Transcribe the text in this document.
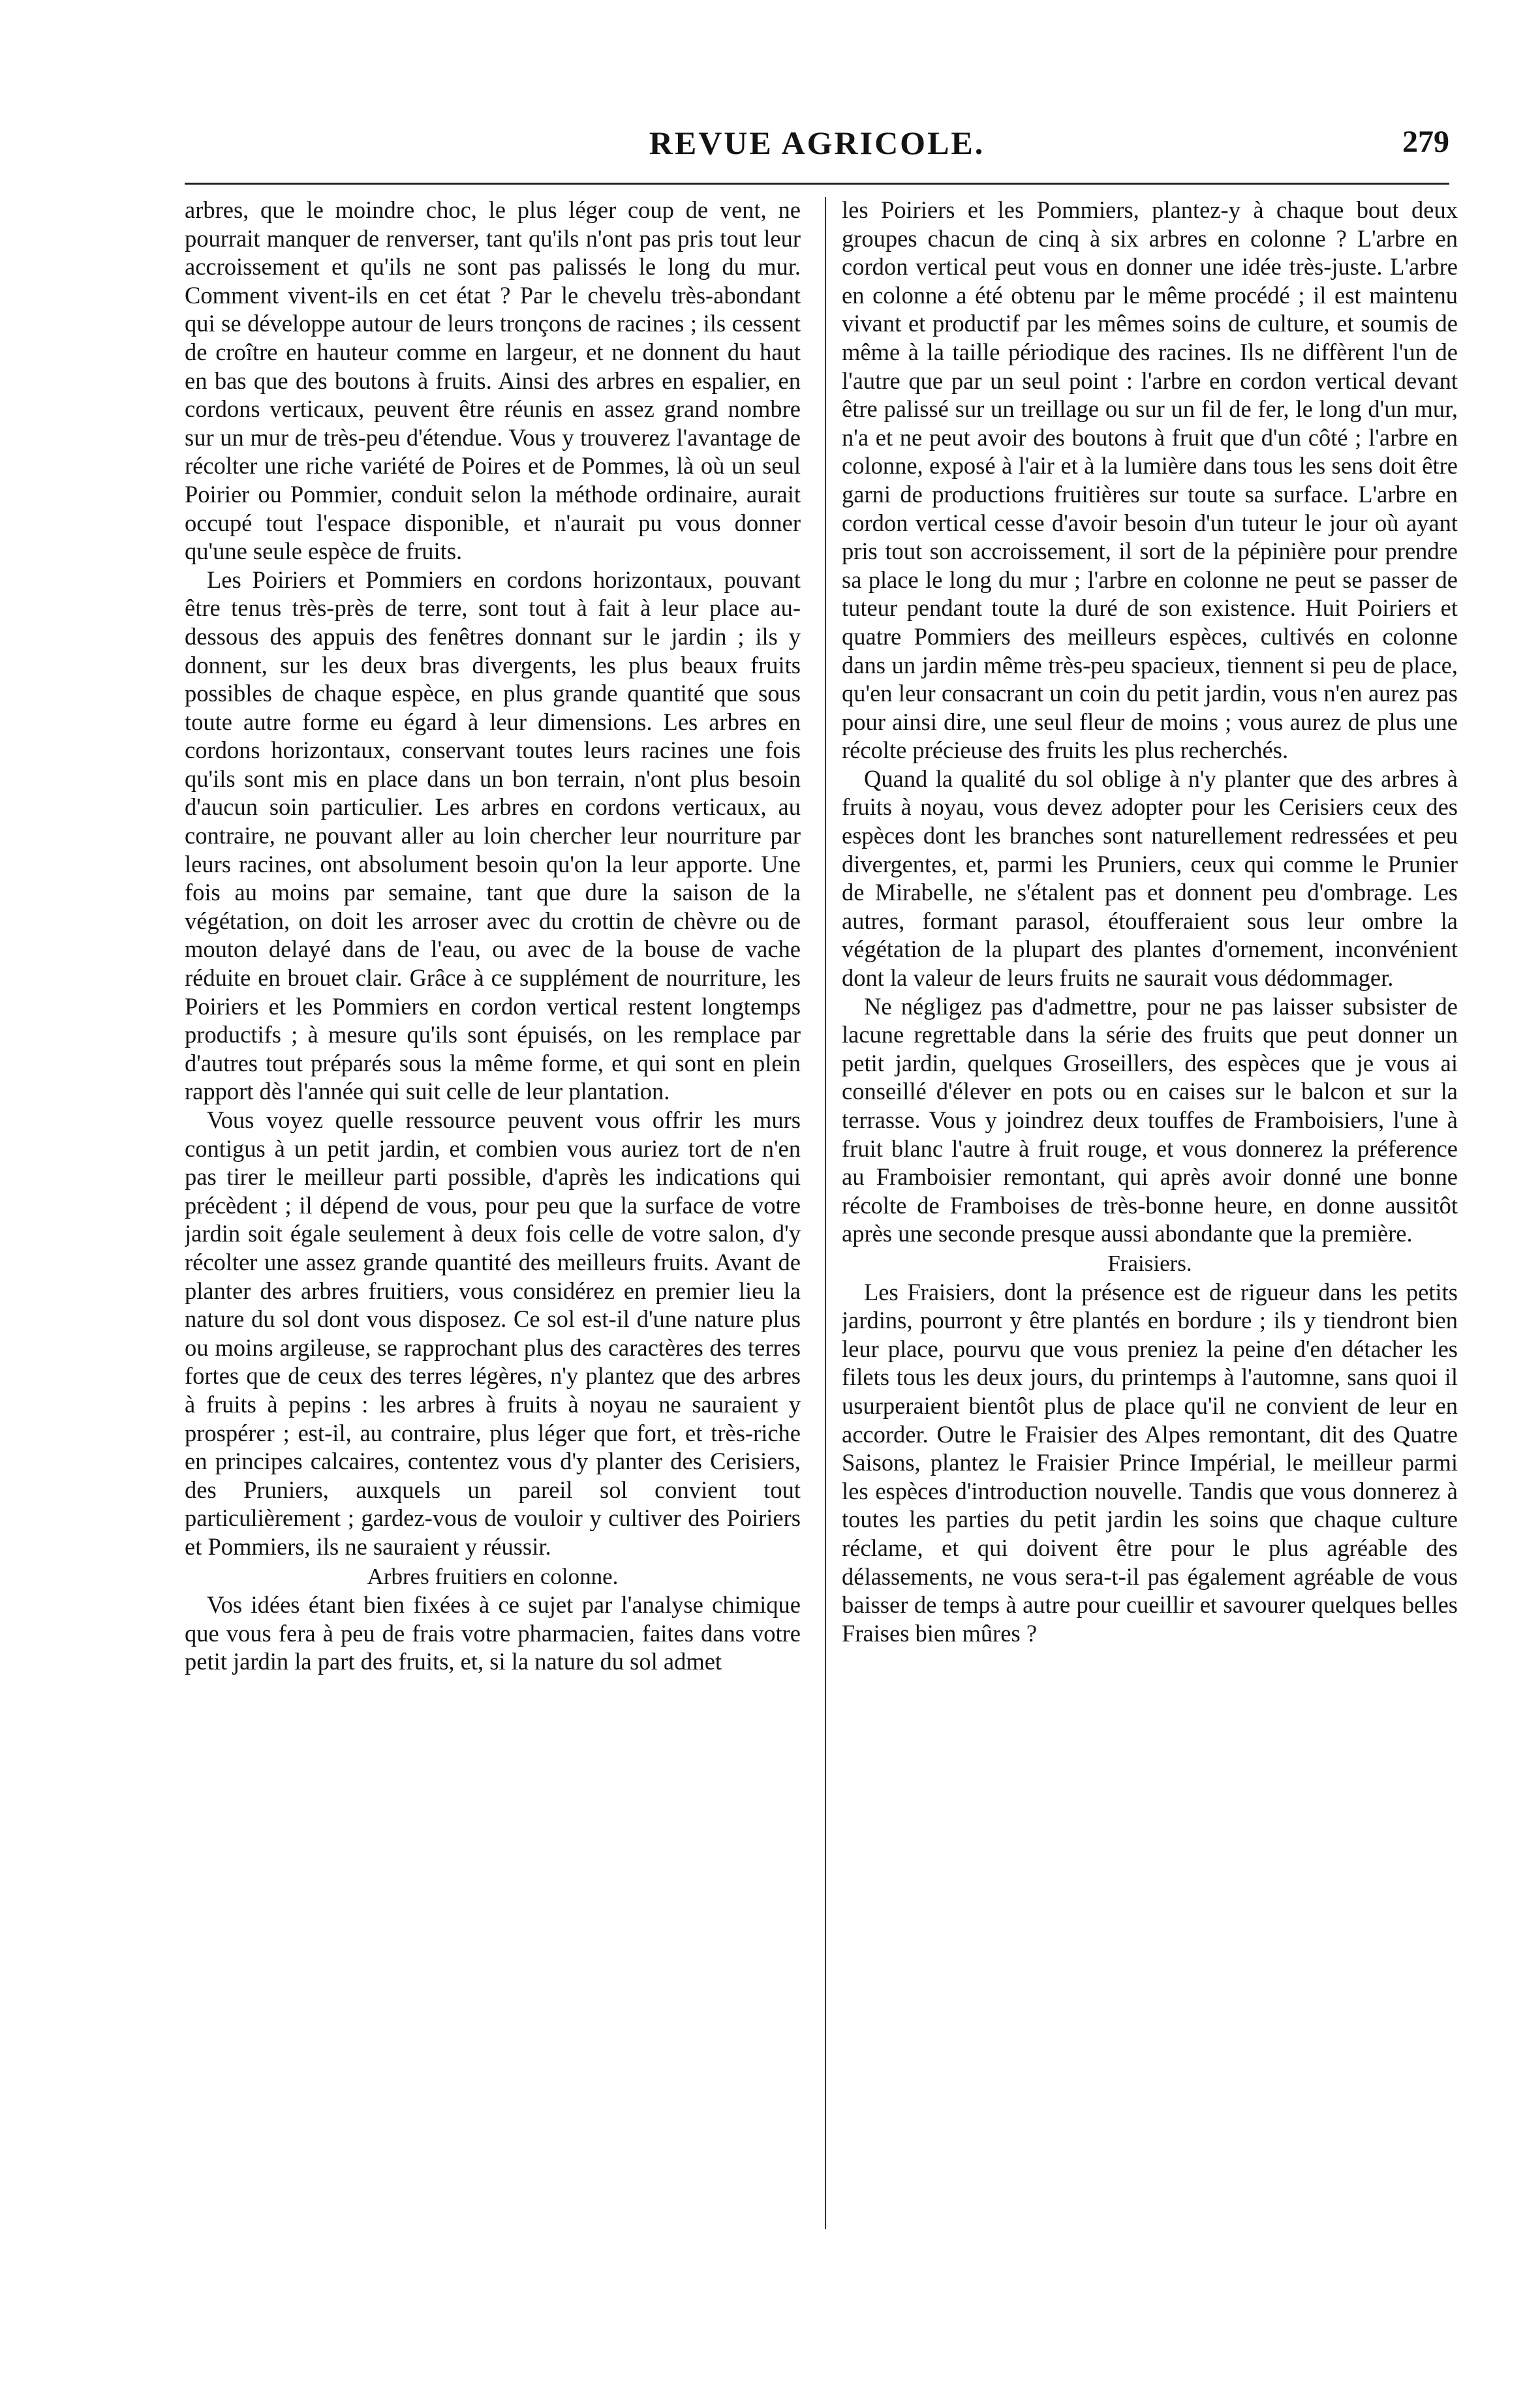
REVUE AGRICOLE.	279

arbres, que le moindre choc, le plus léger coup de vent, ne pourrait manquer de renverser, tant qu'ils n'ont pas pris tout leur accroissement et qu'ils ne sont pas palissés le long du mur. Comment vivent-ils en cet état ? Par le chevelu très-abondant qui se développe autour de leurs tronçons de racines ; ils cessent de croître en hauteur comme en largeur, et ne donnent du haut en bas que des boutons à fruits. Ainsi des arbres en espalier, en cordons verticaux, peuvent être réunis en assez grand nombre sur un mur de très-peu d'étendue. Vous y trouverez l'avantage de récolter une riche variété de Poires et de Pommes, là où un seul Poirier ou Pommier, conduit selon la méthode ordinaire, aurait occupé tout l'espace disponible, et n'aurait pu vous donner qu'une seule espèce de fruits.

Les Poiriers et Pommiers en cordons horizontaux, pouvant être tenus très-près de terre, sont tout à fait à leur place au-dessous des appuis des fenêtres donnant sur le jardin ; ils y donnent, sur les deux bras divergents, les plus beaux fruits possibles de chaque espèce, en plus grande quantité que sous toute autre forme eu égard à leur dimensions. Les arbres en cordons horizontaux, conservant toutes leurs racines une fois qu'ils sont mis en place dans un bon terrain, n'ont plus besoin d'aucun soin particulier. Les arbres en cordons verticaux, au contraire, ne pouvant aller au loin chercher leur nourriture par leurs racines, ont absolument besoin qu'on la leur apporte. Une fois au moins par semaine, tant que dure la saison de la végétation, on doit les arroser avec du crottin de chèvre ou de mouton delayé dans de l'eau, ou avec de la bouse de vache réduite en brouet clair. Grâce à ce supplément de nourriture, les Poiriers et les Pommiers en cordon vertical restent longtemps productifs ; à mesure qu'ils sont épuisés, on les remplace par d'autres tout préparés sous la même forme, et qui sont en plein rapport dès l'année qui suit celle de leur plantation.

Vous voyez quelle ressource peuvent vous offrir les murs contigus à un petit jardin, et combien vous auriez tort de n'en pas tirer le meilleur parti possible, d'après les indications qui précèdent ; il dépend de vous, pour peu que la surface de votre jardin soit égale seulement à deux fois celle de votre salon, d'y récolter une assez grande quantité des meilleurs fruits. Avant de planter des arbres fruitiers, vous considérez en premier lieu la nature du sol dont vous disposez. Ce sol est-il d'une nature plus ou moins argileuse, se rapprochant plus des caractères des terres fortes que de ceux des terres légères, n'y plantez que des arbres à fruits à pepins : les arbres à fruits à noyau ne sauraient y prospérer ; est-il, au contraire, plus léger que fort, et très-riche en principes calcaires, contentez vous d'y planter des Cerisiers, des Pruniers, auxquels un pareil sol convient tout particulièrement ; gardez-vous de vouloir y cultiver des Poiriers et Pommiers, ils ne sauraient y réussir.

Arbres fruitiers en colonne.

Vos idées étant bien fixées à ce sujet par l'analyse chimique que vous fera à peu de frais votre pharmacien, faites dans votre petit jardin la part des fruits, et, si la nature du sol admet

les Poiriers et les Pommiers, plantez-y à chaque bout deux groupes chacun de cinq à six arbres en colonne ? L'arbre en cordon vertical peut vous en donner une idée très-juste. L'arbre en colonne a été obtenu par le même procédé ; il est maintenu vivant et productif par les mêmes soins de culture, et soumis de même à la taille périodique des racines. Ils ne diffèrent l'un de l'autre que par un seul point : l'arbre en cordon vertical devant être palissé sur un treillage ou sur un fil de fer, le long d'un mur, n'a et ne peut avoir des boutons à fruit que d'un côté ; l'arbre en colonne, exposé à l'air et à la lumière dans tous les sens doit être garni de productions fruitières sur toute sa surface. L'arbre en cordon vertical cesse d'avoir besoin d'un tuteur le jour où ayant pris tout son accroissement, il sort de la pépinière pour prendre sa place le long du mur ; l'arbre en colonne ne peut se passer de tuteur pendant toute la duré de son existence. Huit Poiriers et quatre Pommiers des meilleurs espèces, cultivés en colonne dans un jardin même très-peu spacieux, tiennent si peu de place, qu'en leur consacrant un coin du petit jardin, vous n'en aurez pas pour ainsi dire, une seul fleur de moins ; vous aurez de plus une récolte précieuse des fruits les plus recherchés.

Quand la qualité du sol oblige à n'y planter que des arbres à fruits à noyau, vous devez adopter pour les Cerisiers ceux des espèces dont les branches sont naturellement redressées et peu divergentes, et, parmi les Pruniers, ceux qui comme le Prunier de Mirabelle, ne s'étalent pas et donnent peu d'ombrage. Les autres, formant parasol, étoufferaient sous leur ombre la végétation de la plupart des plantes d'ornement, inconvénient dont la valeur de leurs fruits ne saurait vous dédommager.

Ne négligez pas d'admettre, pour ne pas laisser subsister de lacune regrettable dans la série des fruits que peut donner un petit jardin, quelques Groseillers, des espèces que je vous ai conseillé d'élever en pots ou en caises sur le balcon et sur la terrasse. Vous y joindrez deux touffes de Framboisiers, l'une à fruit blanc l'autre à fruit rouge, et vous donnerez la préference au Framboisier remontant, qui après avoir donné une bonne récolte de Framboises de très-bonne heure, en donne aussitôt après une seconde presque aussi abondante que la première.

Fraisiers.

Les Fraisiers, dont la présence est de rigueur dans les petits jardins, pourront y être plantés en bordure ; ils y tiendront bien leur place, pourvu que vous preniez la peine d'en détacher les filets tous les deux jours, du printemps à l'automne, sans quoi il usurperaient bientôt plus de place qu'il ne convient de leur en accorder. Outre le Fraisier des Alpes remontant, dit des Quatre Saisons, plantez le Fraisier Prince Impérial, le meilleur parmi les espèces d'introduction nouvelle. Tandis que vous donnerez à toutes les parties du petit jardin les soins que chaque culture réclame, et qui doivent être pour le plus agréable des délassements, ne vous sera-t-il pas également agréable de vous baisser de temps à autre pour cueillir et savourer quelques belles Fraises bien mûres ?
